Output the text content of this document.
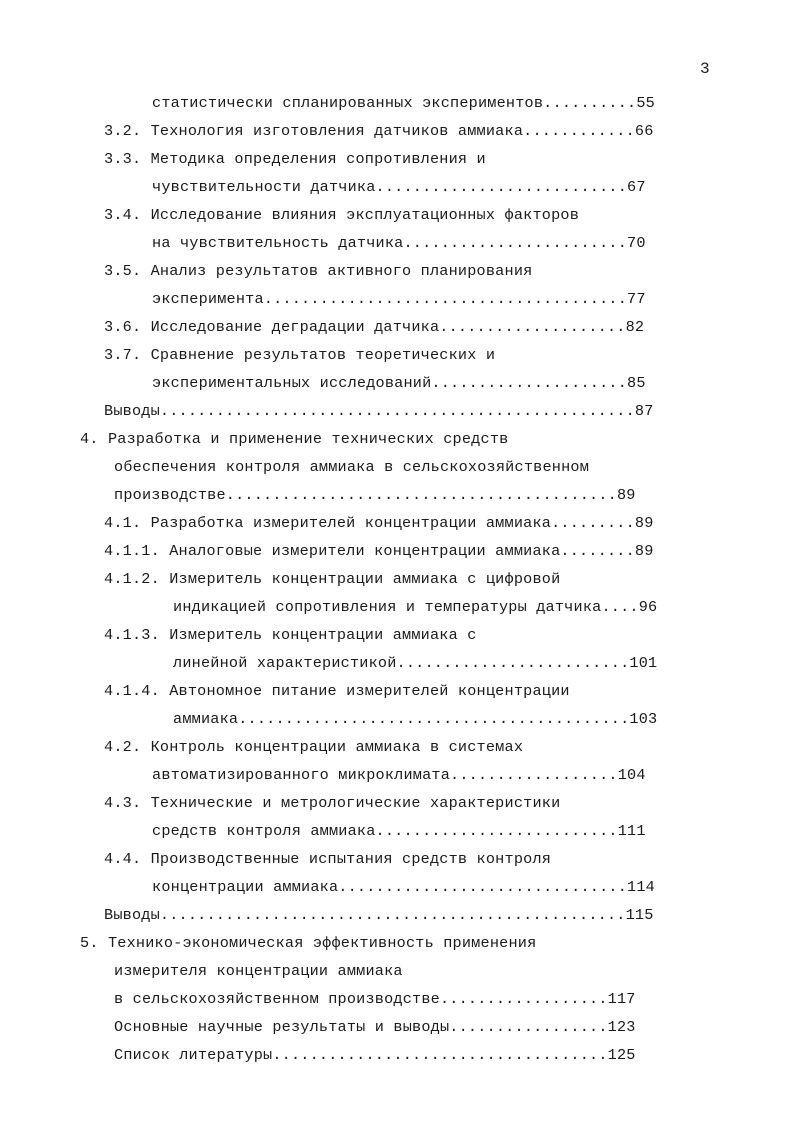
3
статистически спланированных экспериментов..........55
3.2. Технология изготовления датчиков аммиака............66
3.3. Методика определения сопротивления и
чувствительности датчика...........................67
3.4. Исследование влияния эксплуатационных факторов
на чувствительность датчика........................70
3.5. Анализ результатов активного планирования
эксперимента.......................................77
3.6. Исследование деградации датчика....................82
3.7. Сравнение результатов теоретических и
экспериментальных исследований.....................85
Выводы...................................................87
4. Разработка и применение технических средств
обеспечения контроля аммиака в сельскохозяйственном
производстве..........................................89
4.1. Разработка измерителей концентрации аммиака.........89
4.1.1. Аналоговые измерители концентрации аммиака........89
4.1.2. Измеритель концентрации аммиака с цифровой
индикацией сопротивления и температуры датчика....96
4.1.3. Измеритель концентрации аммиака с
линейной характеристикой.........................101
4.1.4. Автономное питание измерителей концентрации
аммиака..........................................103
4.2. Контроль концентрации аммиака в системах
автоматизированного микроклимата..................104
4.3. Технические и метрологические характеристики
средств контроля аммиака..........................111
4.4. Производственные испытания средств контроля
концентрации аммиака...............................114
Выводы..................................................115
5. Технико-экономическая эффективность применения
измерителя концентрации аммиака
в сельскохозяйственном производстве..................117
Основные научные результаты и выводы.................123
Список литературы....................................125
